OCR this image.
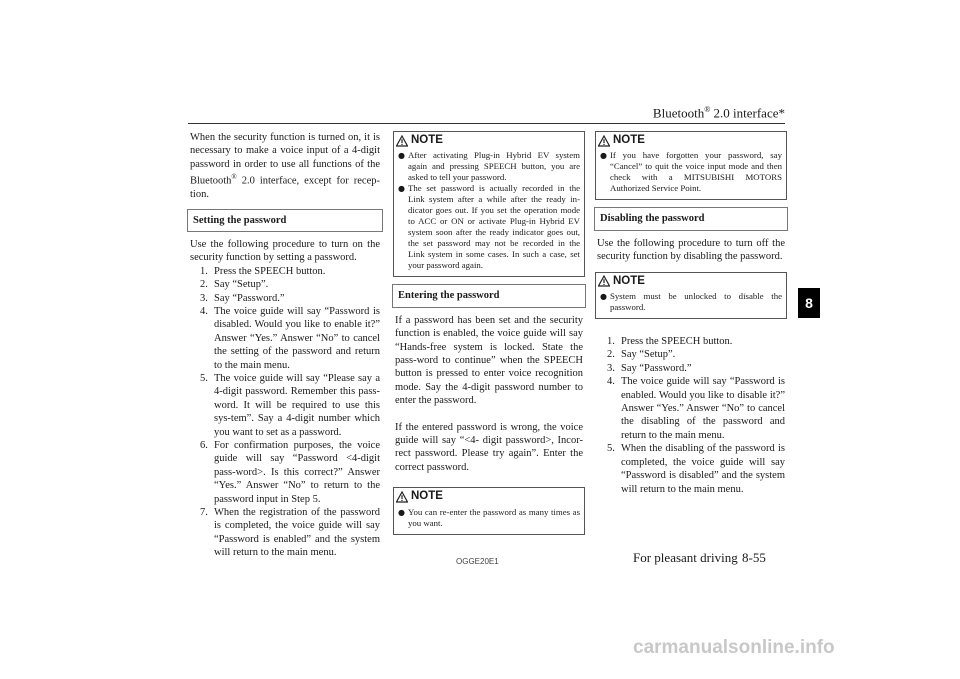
Bluetooth® 2.0 interface*
8

When the security function is turned on, it is necessary to make a voice input of a 4-digit password in order to use all functions of the Bluetooth® 2.0 interface, except for recep-tion.

Setting the password

Use the following procedure to turn on the security function by setting a password.

1. Press the SPEECH button.
2. Say “Setup”.
3. Say “Password.”
4. The voice guide will say “Password is disabled. Would you like to enable it?” Answer “Yes.” Answer “No” to cancel the setting of the password and return to the main menu.
5. The voice guide will say “Please say a 4-digit password. Remember this pass-word. It will be required to use this sys-tem”. Say a 4-digit number which you want to set as a password.
6. For confirmation purposes, the voice guide will say “Password <4-digit pass-word>. Is this correct?” Answer “Yes.” Answer “No” to return to the password input in Step 5.
7. When the registration of the password is completed, the voice guide will say “Password is enabled” and the system will return to the main menu.
NOTE
● After activating Plug-in Hybrid EV system again and pressing SPEECH button, you are asked to tell your password.
● The set password is actually recorded in the Link system after a while after the ready in-dicator goes out. If you set the operation mode to ACC or ON or activate Plug-in Hybrid EV system soon after the ready indicator goes out, the set password may not be recorded in the Link system in some cases. In such a case, set your password again.
Entering the password

If a password has been set and the security function is enabled, the voice guide will say “Hands-free system is locked. State the pass-word to continue” when the SPEECH button is pressed to enter voice recognition mode. Say the 4-digit password number to enter the password.

If the entered password is wrong, the voice guide will say “<4- digit password>, Incor-rect password. Please try again”. Enter the correct password.

NOTE
● You can re-enter the password as many times as you want.
NOTE
● If you have forgotten your password, say “Cancel” to quit the voice input mode and then check with a MITSUBISHI MOTORS Authorized Service Point.
Disabling the password

Use the following procedure to turn off the security function by disabling the password.

NOTE
● System must be unlocked to disable the password.
1. Press the SPEECH button.
2. Say “Setup”.
3. Say “Password.”
4. The voice guide will say “Password is enabled. Would you like to disable it?” Answer “Yes.” Answer “No” to cancel the disabling of the password and return to the main menu.
5. When the disabling of the password is completed, the voice guide will say “Password is disabled” and the system will return to the main menu.
OGGE20E1	For pleasant driving 8-55
carmanualsonline.info
